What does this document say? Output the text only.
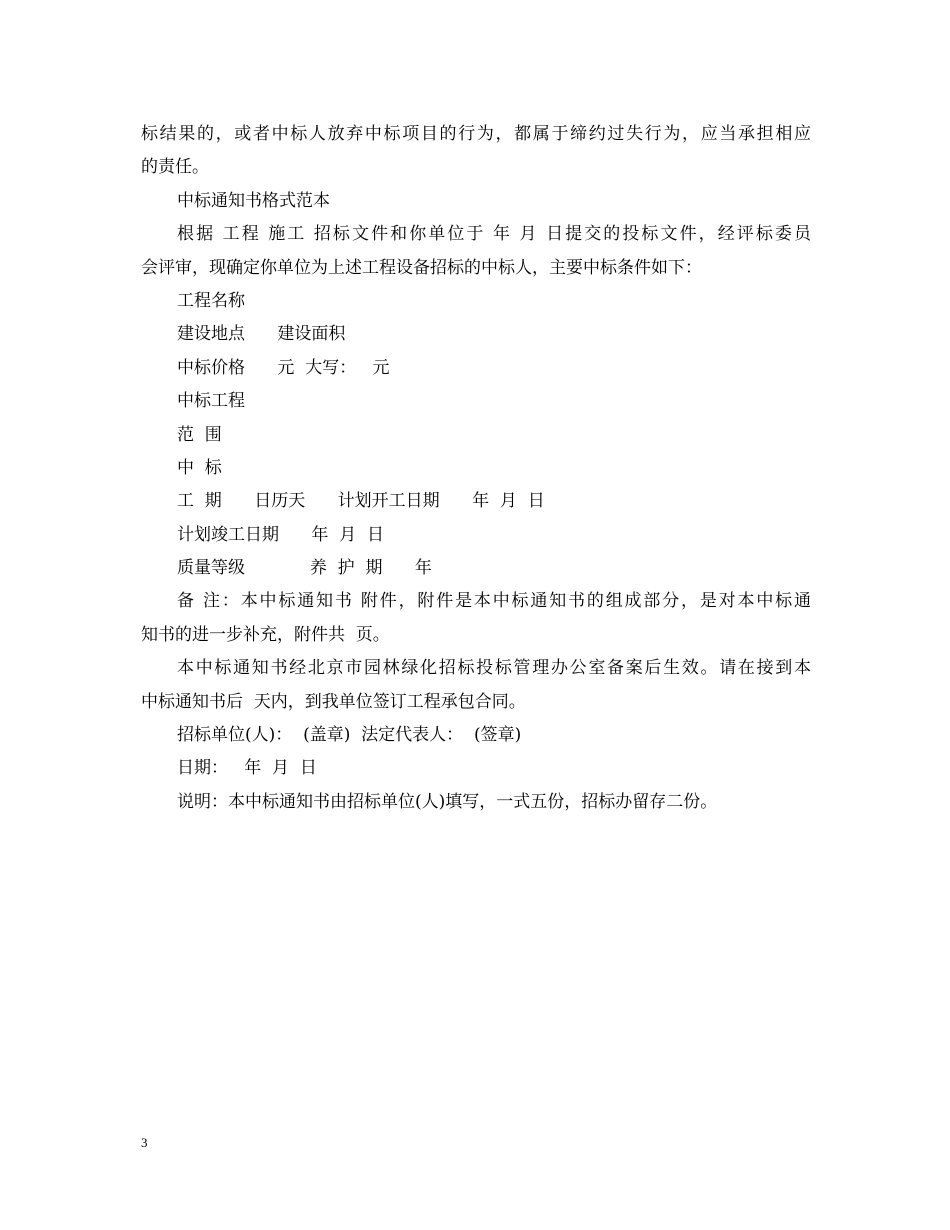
标结果的，或者中标人放弃中标项目的行为，都属于缔约过失行为，应当承担相应

的责任。

中标通知书格式范本

根据 工程 施工 招标文件和你单位于 年 月 日提交的投标文件，经评标委员

会评审，现确定你单位为上述工程设备招标的中标人，主要中标条件如下：

工程名称

建设地点      建设面积

中标价格      元  大写：   元

中标工程

范  围

中  标

工  期      日历天      计划开工日期      年  月  日

计划竣工日期      年  月  日

质量等级            养  护  期      年

备 注：本中标通知书 附件，附件是本中标通知书的组成部分，是对本中标通

知书的进一步补充，附件共  页。

本中标通知书经北京市园林绿化招标投标管理办公室备案后生效。请在接到本

中标通知书后  天内，到我单位签订工程承包合同。

招标单位(人)：  (盖章)  法定代表人：  (签章)

日期：   年  月  日

说明：本中标通知书由招标单位(人)填写，一式五份，招标办留存二份。

3
